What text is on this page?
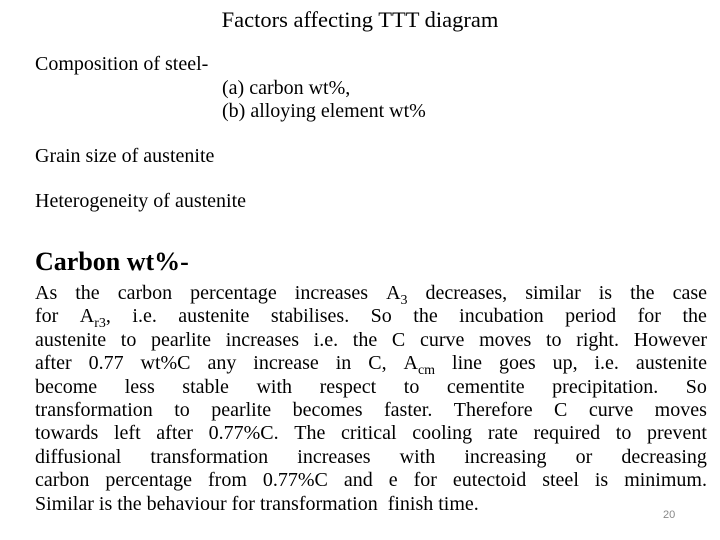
Factors affecting TTT diagram
Composition of steel-
(a) carbon wt%,
(b) alloying element wt%
Grain size of austenite
Heterogeneity of austenite
Carbon wt%-
As the carbon percentage increases $A_3$ decreases, similar is the case
for $A_{r3}$, i.e. austenite stabilises. So the incubation period for the
austenite to pearlite increases i.e. the C curve moves to right. However
after 0.77 wt%C any increase in C, $A_{cm}$ line goes up, i.e. austenite
become less stable with respect to cementite precipitation. So
transformation to pearlite becomes faster. Therefore C curve moves
towards left after 0.77%C. The critical cooling rate required to prevent
diffusional transformation increases with increasing or decreasing
carbon percentage from 0.77%C and e for eutectoid steel is minimum.
Similar is the behaviour for transformation  finish time.
20
